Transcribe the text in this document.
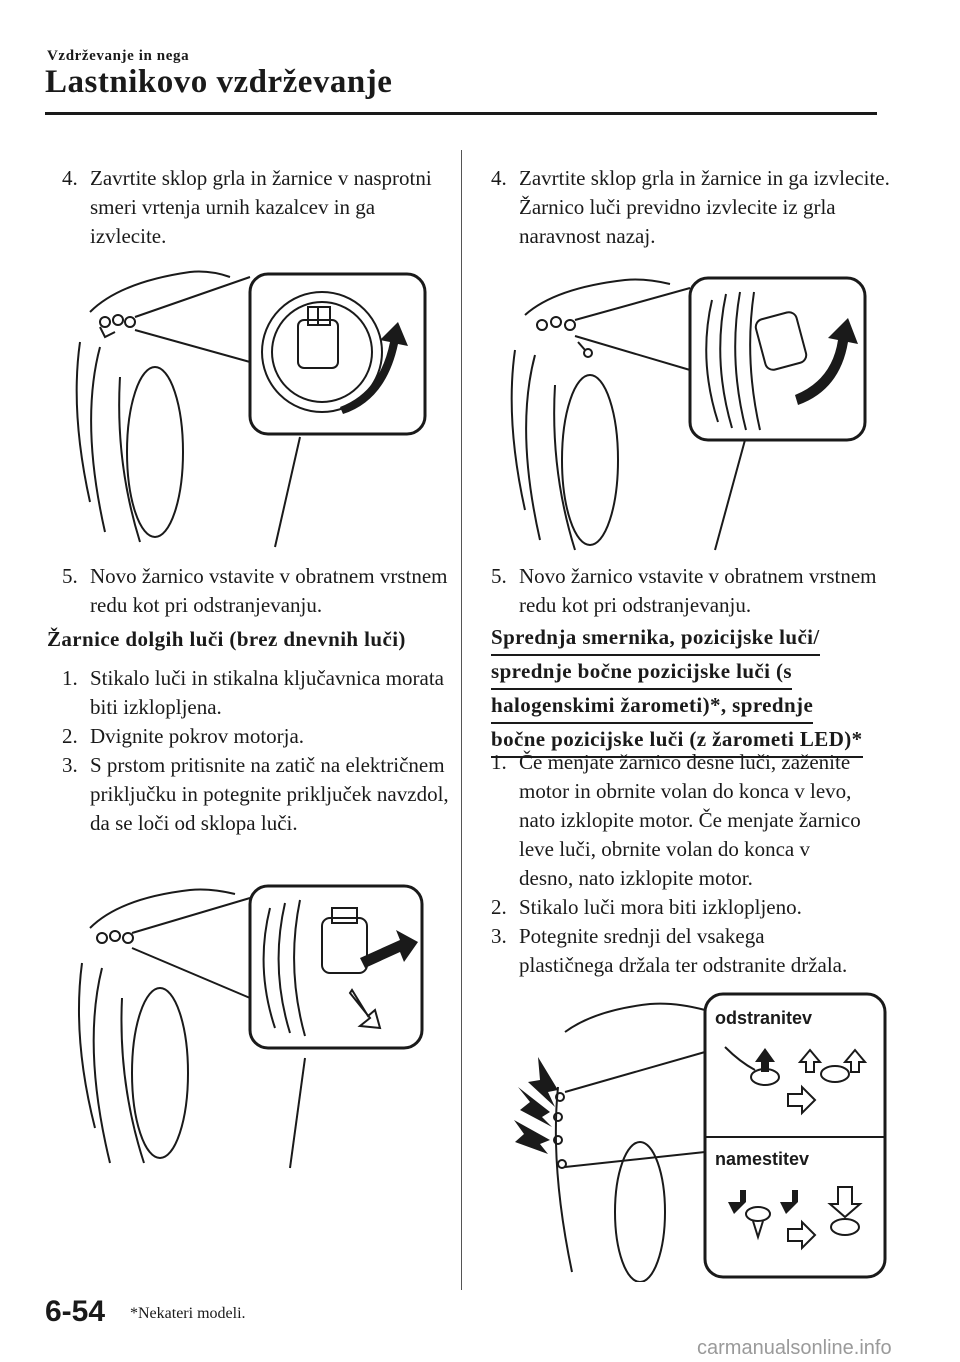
Vzdrževanje in nega
Lastnikovo vzdrževanje
4. Zavrtite sklop grla in žarnice v nasprotni smeri vrtenja urnih kazalcev in ga izvlecite.
5. Novo žarnico vstavite v obratnem vrstnem redu kot pri odstranjevanju.
Žarnice dolgih luči (brez dnevnih luči)
1. Stikalo luči in stikalna ključavnica morata biti izklopljena.
2. Dvignite pokrov motorja.
3. S prstom pritisnite na zatič na električnem priključku in potegnite priključek navzdol, da se loči od sklopa luči.
4. Zavrtite sklop grla in žarnice in ga izvlecite. Žarnico luči previdno izvlecite iz grla naravnost nazaj.
5. Novo žarnico vstavite v obratnem vrstnem redu kot pri odstranjevanju.
Sprednja smernika, pozicijske luči/
sprednje bočne pozicijske luči (s
halogenskimi žarometi)*, sprednje
bočne pozicijske luči (z žarometi LED)*
1. Če menjate žarnico desne luči, zaženite motor in obrnite volan do konca v levo, nato izklopite motor. Če menjate žarnico leve luči, obrnite volan do konca v desno, nato izklopite motor.
2. Stikalo luči mora biti izklopljeno.
3. Potegnite srednji del vsakega plastičnega držala ter odstranite držala.
odstranitev
namestitev
6-54 *Nekateri modeli.
carmanualsonline.info
